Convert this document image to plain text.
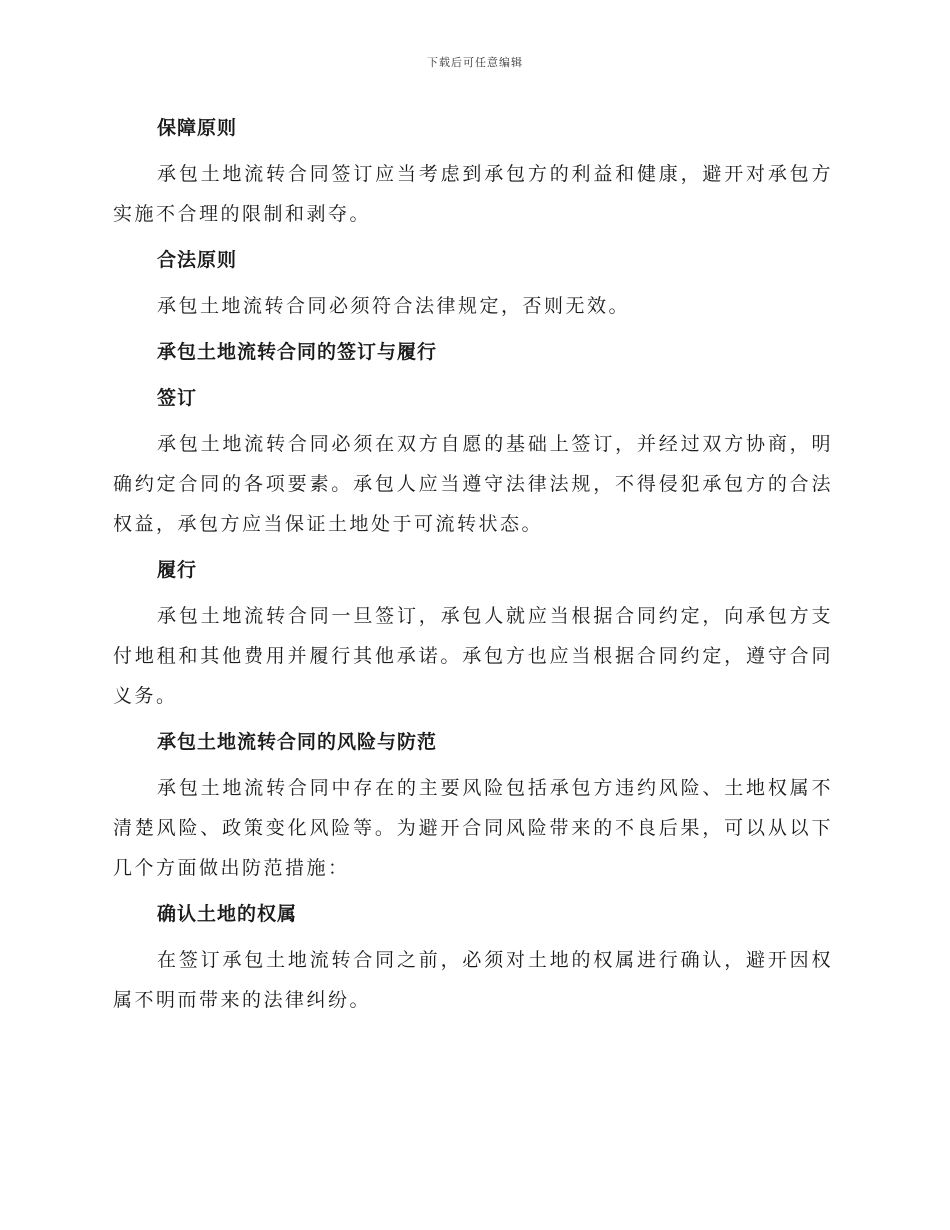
下载后可任意编辑
保障原则
承包土地流转合同签订应当考虑到承包方的利益和健康，避开对承包方实施不合理的限制和剥夺。
合法原则
承包土地流转合同必须符合法律规定，否则无效。
承包土地流转合同的签订与履行
签订
承包土地流转合同必须在双方自愿的基础上签订，并经过双方协商，明确约定合同的各项要素。承包人应当遵守法律法规，不得侵犯承包方的合法权益，承包方应当保证土地处于可流转状态。
履行
承包土地流转合同一旦签订，承包人就应当根据合同约定，向承包方支付地租和其他费用并履行其他承诺。承包方也应当根据合同约定，遵守合同义务。
承包土地流转合同的风险与防范
承包土地流转合同中存在的主要风险包括承包方违约风险、土地权属不清楚风险、政策变化风险等。为避开合同风险带来的不良后果，可以从以下几个方面做出防范措施：
确认土地的权属
在签订承包土地流转合同之前，必须对土地的权属进行确认，避开因权属不明而带来的法律纠纷。
